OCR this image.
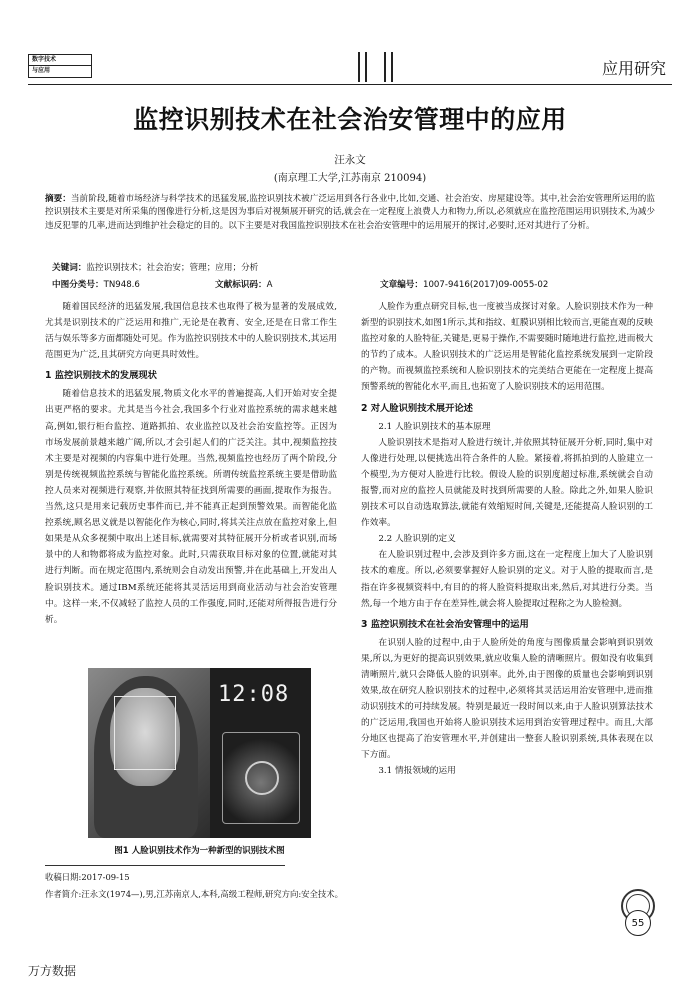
数字技术
与应用	应用研究
监控识别技术在社会治安管理中的应用
汪永文
(南京理工大学,江苏南京 210094)
摘要：当前阶段,随着市场经济与科学技术的迅猛发展,监控识别技术被广泛运用到各行各业中,比如,交通、社会治安、房屋建设等。其中,社会治安管理所运用的监控识别技术主要是对所采集的图像进行分析,这是因为事后对视频展开研究的话,就会在一定程度上浪费人力和物力,所以,必须就应在监控范围运用识别技术,为减少违反犯罪的几率,进而达到维护社会稳定的目的。以下主要是对我国监控识别技术在社会治安管理中的运用展开的探讨,必要时,还对其进行了分析。
关键词：监控识别技术；社会治安；管理；应用；分析
中图分类号：TN948.6	文献标识码：A	文章编号：1007-9416(2017)09-0055-02

随着国民经济的迅猛发展,我国信息技术也取得了极为显著的发展成效,尤其是识别技术的广泛运用和推广,无论是在教育、安全,还是在日常工作生活与娱乐等多方面都随处可见。作为监控识别技术中的人脸识别技术,其运用范围更为广泛,且其研究方向更具时效性。

1 监控识别技术的发展现状

随着信息技术的迅猛发展,物质文化水平的普遍提高,人们开始对安全提出更严格的要求。尤其是当今社会,我国多个行业对监控系统的需求越来越高,例如,银行柜台监控、道路抓拍、农业监控以及社会治安监控等。正因为市场发展前景越来越广阔,所以,才会引起人们的广泛关注。其中,视频监控技术主要是对视频的内容集中进行处理。当然,视频监控也经历了两个阶段,分别是传统视频监控系统与智能化监控系统。所谓传统监控系统主要是借助监控人员来对视频进行观察,并依照其特征找到所需要的画面,提取作为报告。当然,这只是用来记载历史事件而已,并不能真正起到预警效果。而智能化监控系统,顾名思义就是以智能化作为核心,同时,将其关注点放在监控对象上,但如果是从众多视频中取出上述目标,就需要对其特征展开分析或者识别,而场景中的人和物都将成为监控对象。此时,只需获取目标对象的位置,就能对其进行判断。而在规定范围内,系统则会自动发出预警,并在此基础上,开发出人脸识别技术。通过IBM系统还能将其灵活运用到商业活动与社会治安管理中。这样一来,不仅减轻了监控人员的工作强度,同时,还能对所得报告进行分析。

12:08
图1 人脸识别技术作为一种新型的识别技术图

人脸作为重点研究目标,也一度被当成探讨对象。人脸识别技术作为一种新型的识别技术,如图1所示,其和指纹、虹膜识别相比较而言,更能直观的反映监控对象的人脸特征,关键是,更易于操作,不需要随时随地进行监控,进而极大的节约了成本。人脸识别技术的广泛运用是智能化监控系统发展到一定阶段的产物。而视频监控系统和人脸识别技术的完美结合更能在一定程度上提高预警系统的智能化水平,而且,也拓宽了人脸识别技术的运用范围。

2 对人脸识别技术展开论述
2.1 人脸识别技术的基本原理

人脸识别技术是指对人脸进行统计,并依照其特征展开分析,同时,集中对人像进行处理,以便挑选出符合条件的人脸。紧接着,将抓拍到的人脸建立一个模型,为方便对人脸进行比较。假设人脸的识别度超过标准,系统就会自动报警,而对应的监控人员就能及时找到所需要的人脸。除此之外,如果人脸识别技术可以自动选取算法,就能有效缩短时间,关键是,还能提高人脸识别的工作效率。

2.2 人脸识别的定义

在人脸识别过程中,会涉及到许多方面,这在一定程度上加大了人脸识别技术的难度。所以,必须要掌握好人脸识别的定义。对于人脸的提取而言,是指在许多视频资料中,有目的的将人脸资料提取出来,然后,对其进行分类。当然,每一个地方由于存在差异性,就会将人脸提取过程称之为人脸检测。

3 监控识别技术在社会治安管理中的运用

在识别人脸的过程中,由于人脸所处的角度与图像质量会影响到识别效果,所以,为更好的提高识别效果,就应收集人脸的清晰照片。假如没有收集到清晰照片,就只会降低人脸的识别率。此外,由于图像的质量也会影响到识别效果,故在研究人脸识别技术的过程中,必须将其灵活运用治安管理中,进而推动识别技术的可持续发展。特别是最近一段时间以来,由于人脸识别算法技术的广泛运用,我国也开始将人脸识别技术运用到治安管理过程中。而且,大部分地区也提高了治安管理水平,并创建出一整套人脸识别系统,具体表现在以下方面。

3.1 情报领域的运用
收稿日期:2017-09-15
作者简介:汪永文(1974—),男,江苏南京人,本科,高级工程师,研究方向:安全技术。
55
万方数据
